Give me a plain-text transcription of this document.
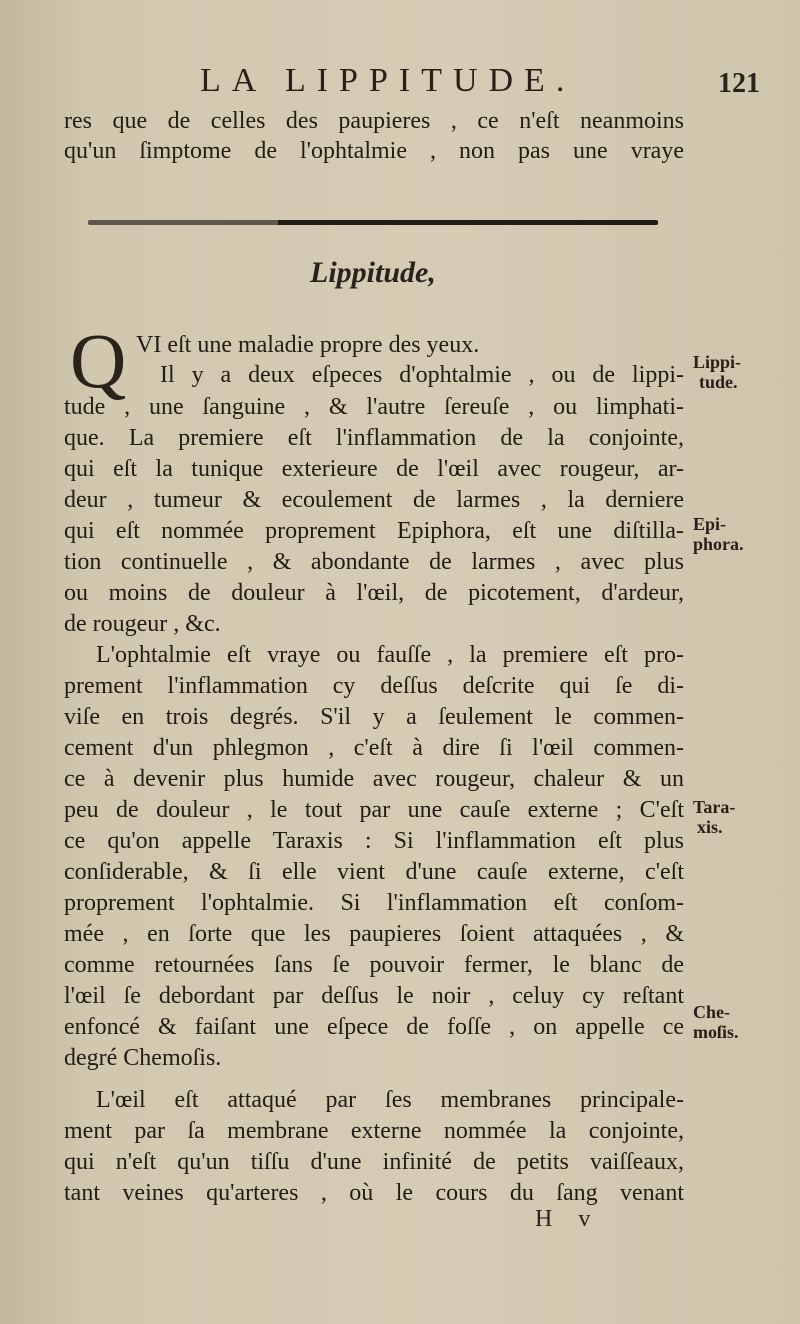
LA LIPPITUDE.	121
res que de celles des paupieres , ce n'eſt neanmoins
qu'un ſimptome de l'ophtalmie , non pas une vraye
Lippitude,
Q VI eſt une maladie propre des yeux.
Il y a deux eſpeces d'ophtalmie , ou de lippi-
tude , une ſanguine , & l'autre ſereuſe , ou limphati-
que. La premiere eſt l'inflammation de la conjointe,
qui eſt la tunique exterieure de l'œil avec rougeur, ar-
deur , tumeur & ecoulement de larmes , la derniere
qui eſt nommée proprement Epiphora, eſt une diſtilla-
tion continuelle , & abondante de larmes , avec plus
ou moins de douleur à l'œil, de picotement, d'ardeur,
de rougeur , &c.
L'ophtalmie eſt vraye ou fauſſe , la premiere eſt pro-
prement l'inflammation cy deſſus deſcrite qui ſe di-
viſe en trois degrés. S'il y a ſeulement le commen-
cement d'un phlegmon , c'eſt à dire ſi l'œil commen-
ce à devenir plus humide avec rougeur, chaleur & un
peu de douleur , le tout par une cauſe externe ; C'eſt
ce qu'on appelle Taraxis : Si l'inflammation eſt plus
conſiderable, & ſi elle vient d'une cauſe externe, c'eſt
proprement l'ophtalmie. Si l'inflammation eſt conſom-
mée , en ſorte que les paupieres ſoient attaquées , &
comme retournées ſans ſe pouvoir fermer, le blanc de
l'œil ſe debordant par deſſus le noir , celuy cy reſtant
enfoncé & faiſant une eſpece de foſſe , on appelle ce
degré Chemoſis.
L'œil eſt attaqué par ſes membranes principale-
ment par ſa membrane externe nommée la conjointe,
qui n'eſt qu'un tiſſu d'une infinité de petits vaiſſeaux,
tant veines qu'arteres , où le cours du ſang venant
Lippi-
tude.
Epi-
phora.
Tara-
xis.
Che-
moſis.
H v
